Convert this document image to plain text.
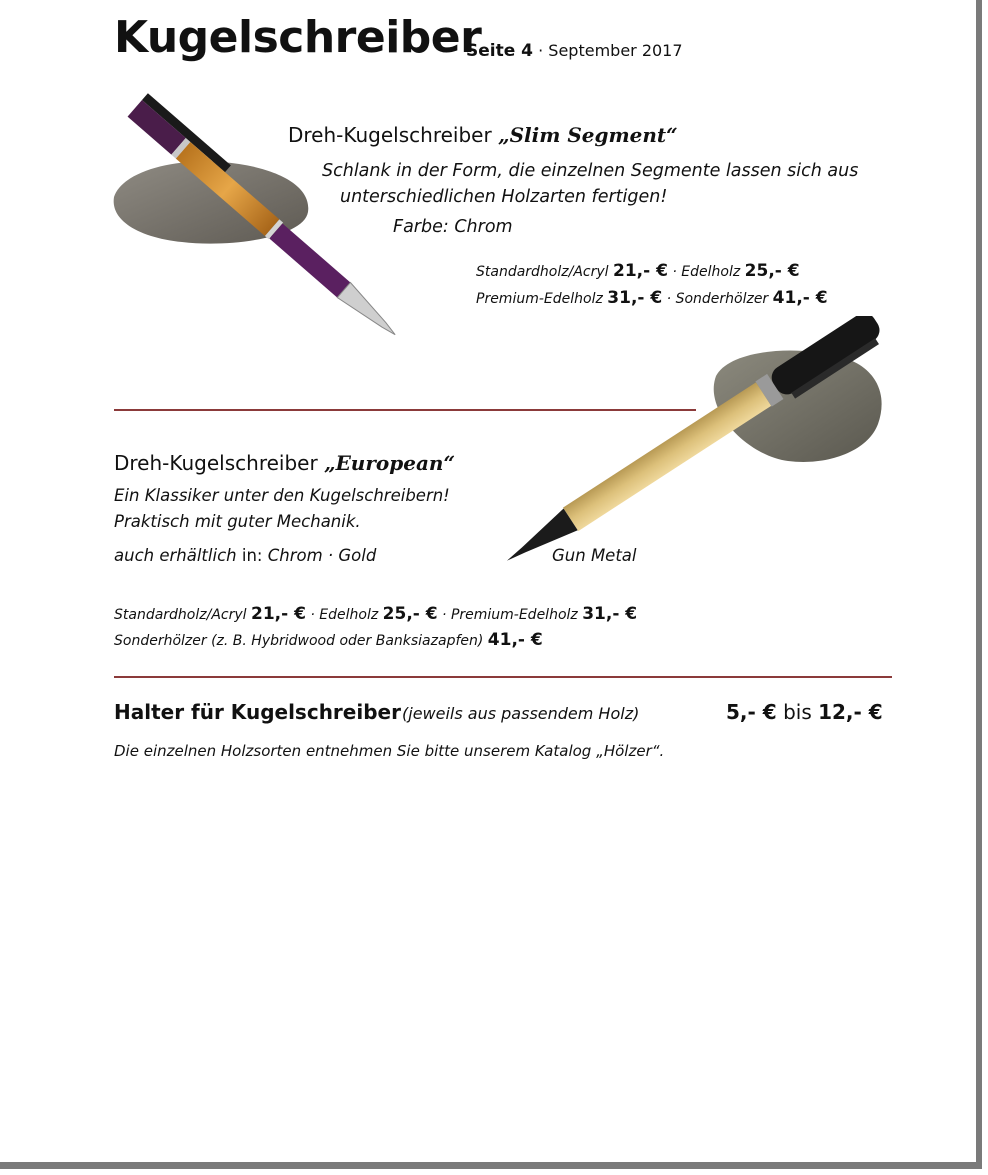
Kugelschreiber
Seite 4 · September 2017
Dreh-Kugelschreiber „Slim Segment“
Schlank in der Form, die einzelnen Segmente lassen sich aus
unterschiedlichen Holzarten fertigen!
Farbe: Chrom
Standardholz/Acryl 21,- € · Edelholz 25,- €
Premium-Edelholz 31,- € · Sonderhölzer 41,- €
Dreh-Kugelschreiber „European“
Ein Klassiker unter den Kugelschreibern!
Praktisch mit guter Mechanik.
auch erhältlich in: Chrom · Gold	Gun Metal
Standardholz/Acryl 21,- € · Edelholz 25,- € · Premium-Edelholz 31,- €
Sonderhölzer (z. B. Hybridwood oder Banksiazapfen) 41,- €
Halter für Kugelschreiber (jeweils aus passendem Holz)	5,- € bis 12,- €
Die einzelnen Holzsorten entnehmen Sie bitte unserem Katalog „Hölzer“.
